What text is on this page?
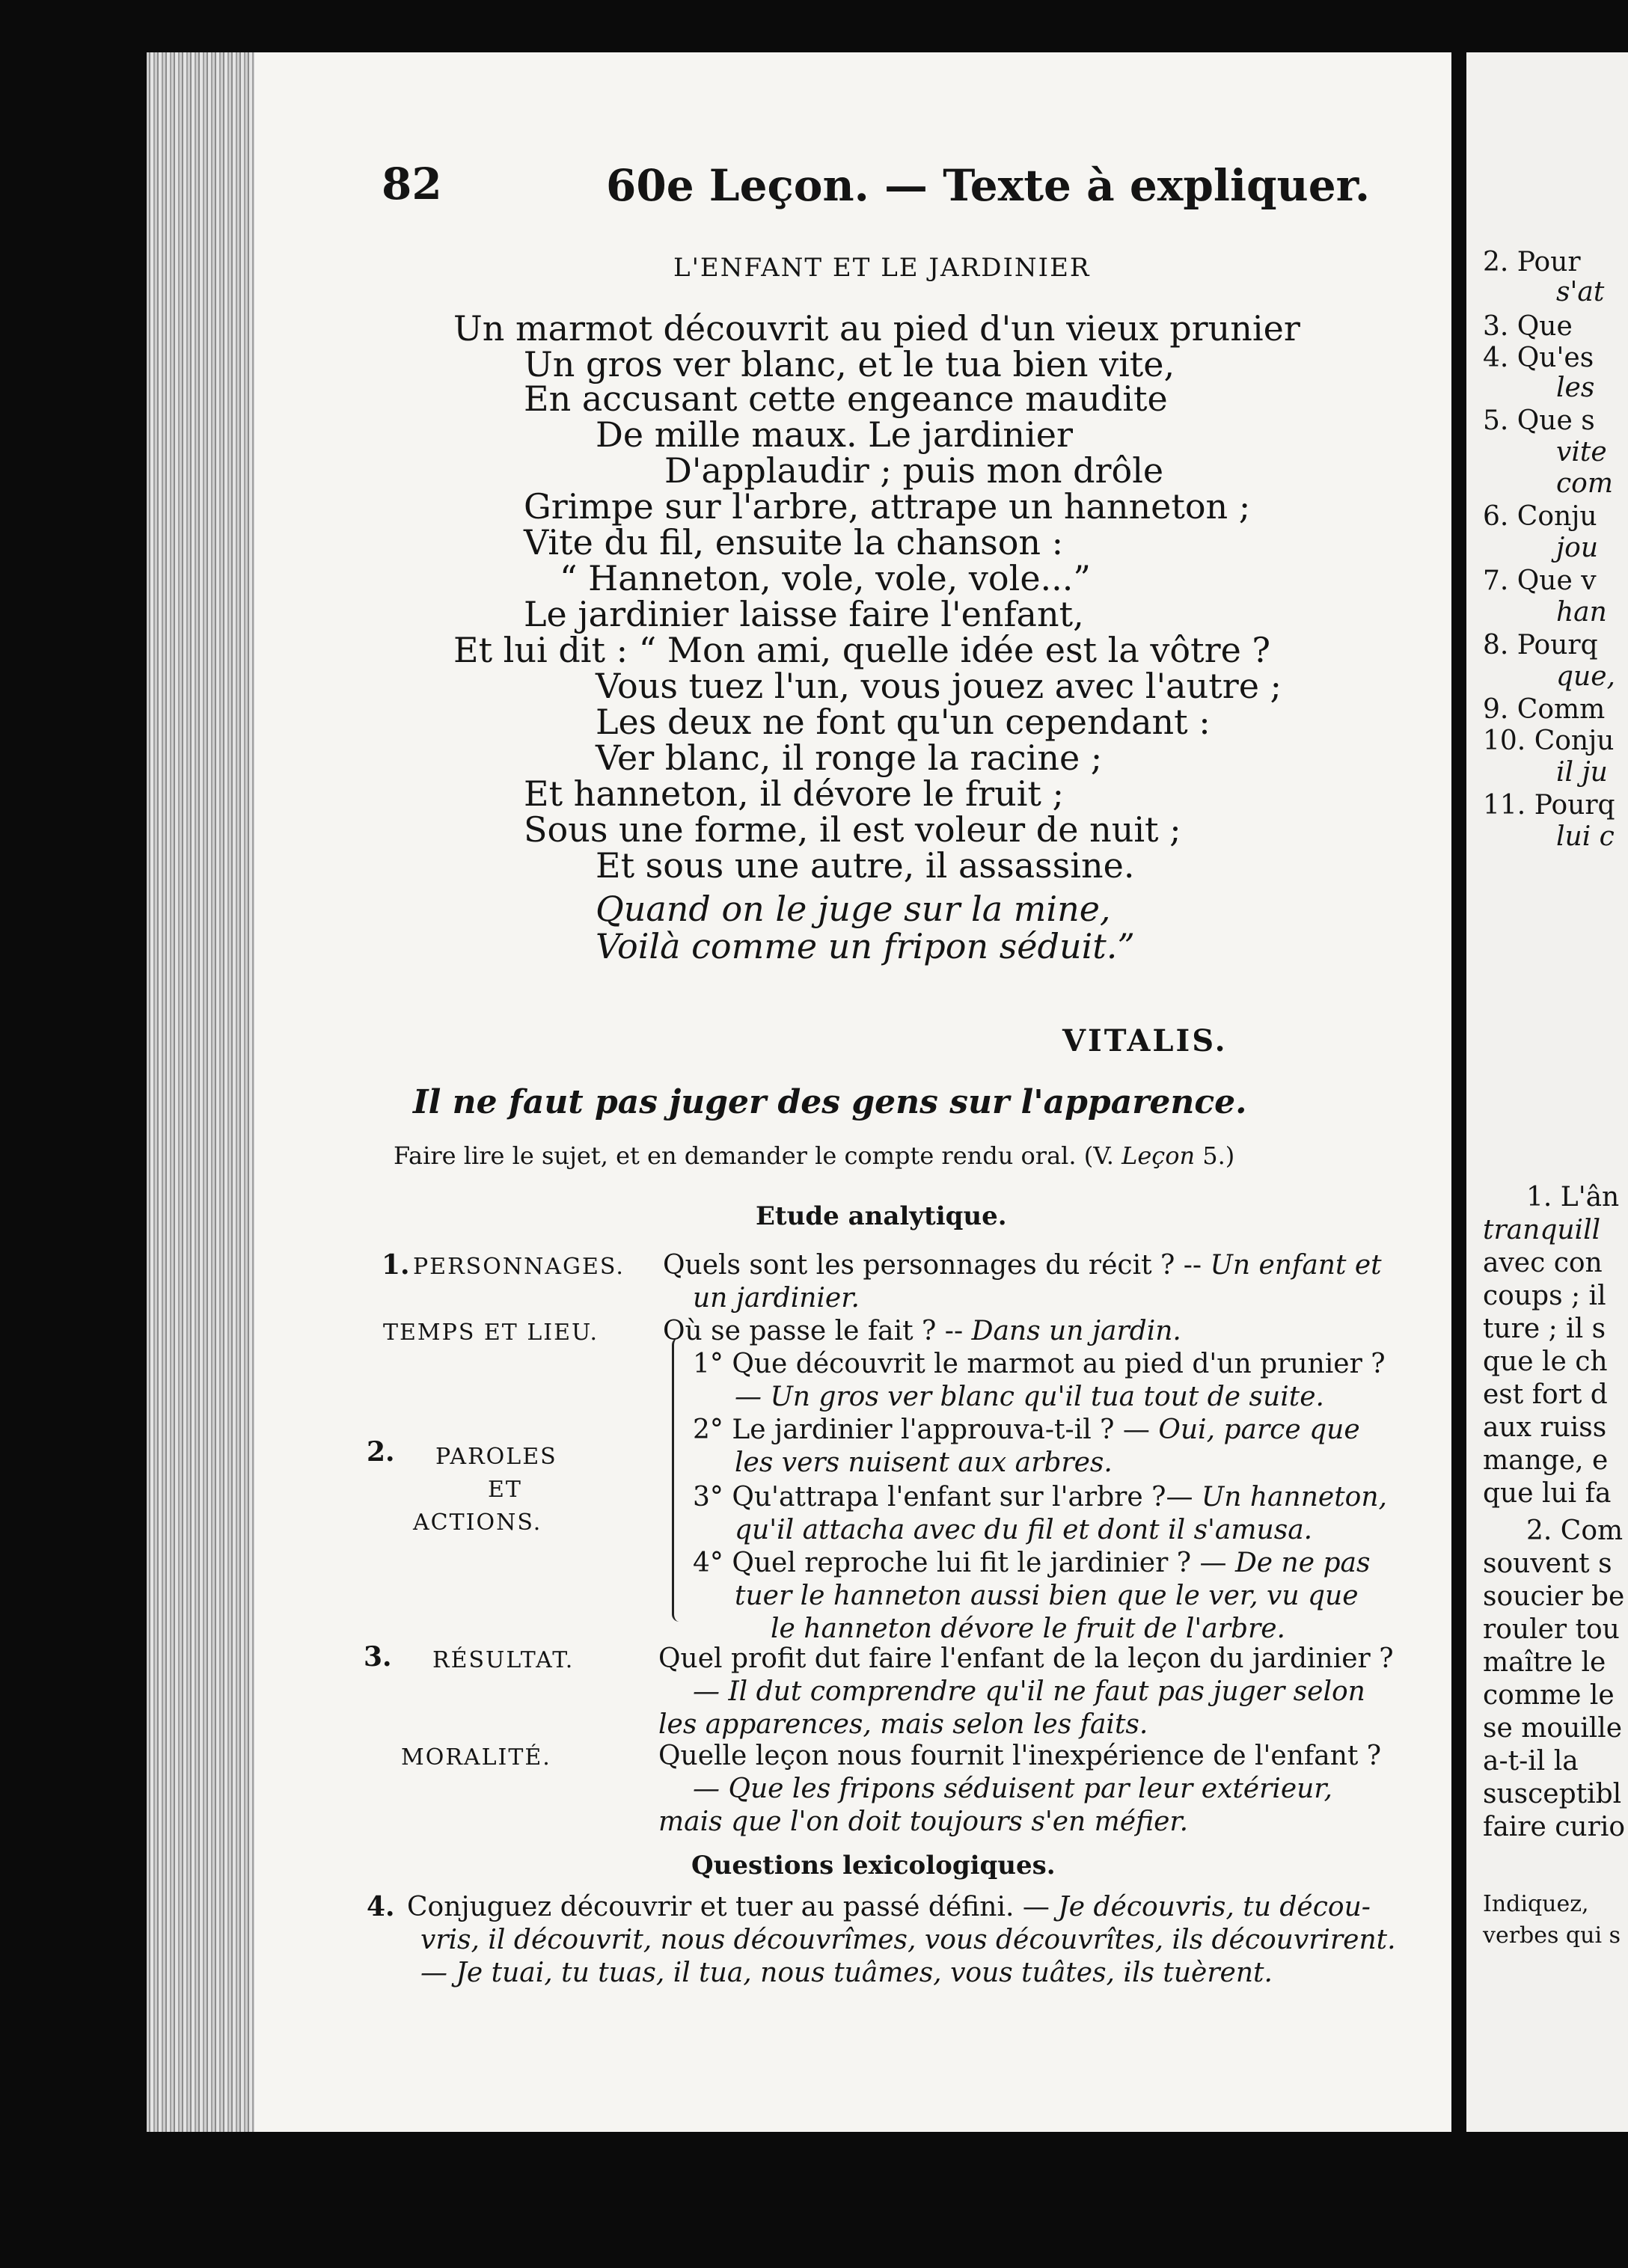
82	60e Leçon. — Texte à expliquer.
L'ENFANT ET LE JARDINIER
Un marmot découvrit au pied d'un vieux prunier
Un gros ver blanc, et le tua bien vite,
En accusant cette engeance maudite
De mille maux. Le jardinier
D'applaudir ; puis mon drôle
Grimpe sur l'arbre, attrape un hanneton ;
Vite du fil, ensuite la chanson :
“ Hanneton, vole, vole, vole...”
Le jardinier laisse faire l'enfant,
Et lui dit : “ Mon ami, quelle idée est la vôtre ?
Vous tuez l'un, vous jouez avec l'autre ;
Les deux ne font qu'un cependant :
Ver blanc, il ronge la racine ;
Et hanneton, il dévore le fruit ;
Sous une forme, il est voleur de nuit ;
Et sous une autre, il assassine.
Quand on le juge sur la mine,
Voilà comme un fripon séduit.”
VITALIS.
Il ne faut pas juger des gens sur l'apparence.
Faire lire le sujet, et en demander le compte rendu oral. (V. Leçon 5.)
Etude analytique.
1. PERSONNAGES. Quels sont les personnages du récit ? -- Un enfant et
un jardinier.
TEMPS ET LIEU. Où se passe le fait ? -- Dans un jardin.
2. PAROLES
ET
ACTIONS.
1° Que découvrit le marmot au pied d'un prunier ?
— Un gros ver blanc qu'il tua tout de suite.
2° Le jardinier l'approuva-t-il ? — Oui, parce que
les vers nuisent aux arbres.
3° Qu'attrapa l'enfant sur l'arbre ?— Un hanneton,
qu'il attacha avec du fil et dont il s'amusa.
4° Quel reproche lui fit le jardinier ? — De ne pas
tuer le hanneton aussi bien que le ver, vu que
le hanneton dévore le fruit de l'arbre.
3. RÉSULTAT.	Quel profit dut faire l'enfant de la leçon du jardinier ?
— Il dut comprendre qu'il ne faut pas juger selon
les apparences, mais selon les faits.
MORALITÉ.	Quelle leçon nous fournit l'inexpérience de l'enfant ?
— Que les fripons séduisent par leur extérieur,
mais que l'on doit toujours s'en méfier.
Questions lexicologiques.
4. Conjuguez découvrir et tuer au passé défini. — Je découvris, tu décou-
vris, il découvrit, nous découvrîmes, vous découvrîtes, ils découvrirent.
— Je tuai, tu tuas, il tua, nous tuâmes, vous tuâtes, ils tuèrent.
2. Pour
s'at
3. Que
4. Qu'es
les
5. Que s
vite
com
6. Conju
jou
7. Que v
han
8. Pourq
que,
9. Comm
10. Conju
il ju
11. Pourq
lui c
1. L'ân
tranquill
avec con
coups ; il
ture ; il s
que le ch
est fort d
aux ruiss
mange, e
que lui fa
2. Com
souvent s
soucier be
rouler tou
maître le
comme le
se mouille
a-t-il la
susceptibl
faire curio
Indiquez,
verbes qui s
